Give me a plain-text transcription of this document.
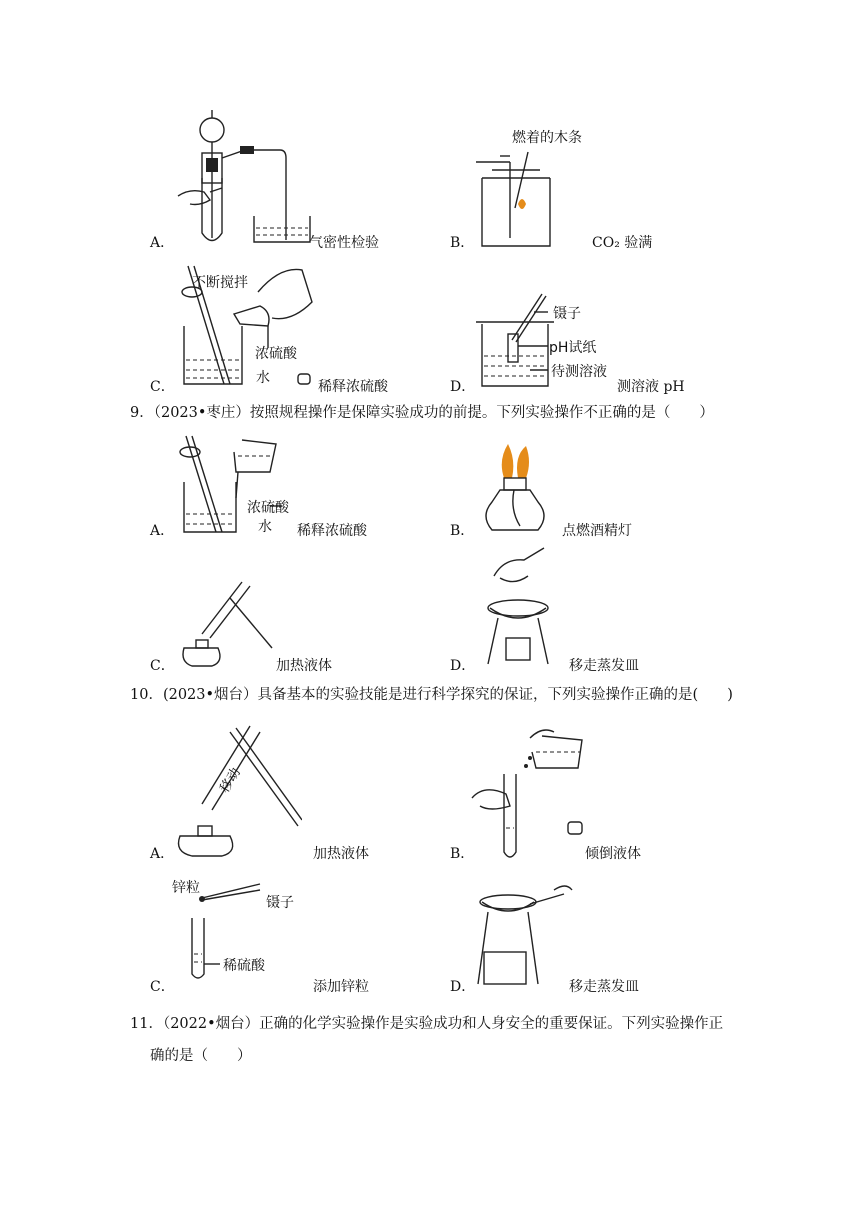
A．	气密性检验
燃着的木条
B．	CO₂ 验满
不断搅拌
浓硫酸
水
C．	稀释浓硫酸
镊子
pH试纸
待测溶液
D．	测溶液 pH
9．（2023•枣庄）按照规程操作是保障实验成功的前提。下列实验操作不正确的是（　　）
浓硫酸
水
A．	稀释浓硫酸	B．	点燃酒精灯
C．	加热液体	D．	移走蒸发皿
10．(2023•烟台）具备基本的实验技能是进行科学探究的保证，下列实验操作正确的是(　　)
移动
A．	加热液体	B．	倾倒液体
锌粒
镊子
稀硫酸
C．	添加锌粒	D．	移走蒸发皿
11．（2022•烟台）正确的化学实验操作是实验成功和人身安全的重要保证。下列实验操作正
确的是（　　）
